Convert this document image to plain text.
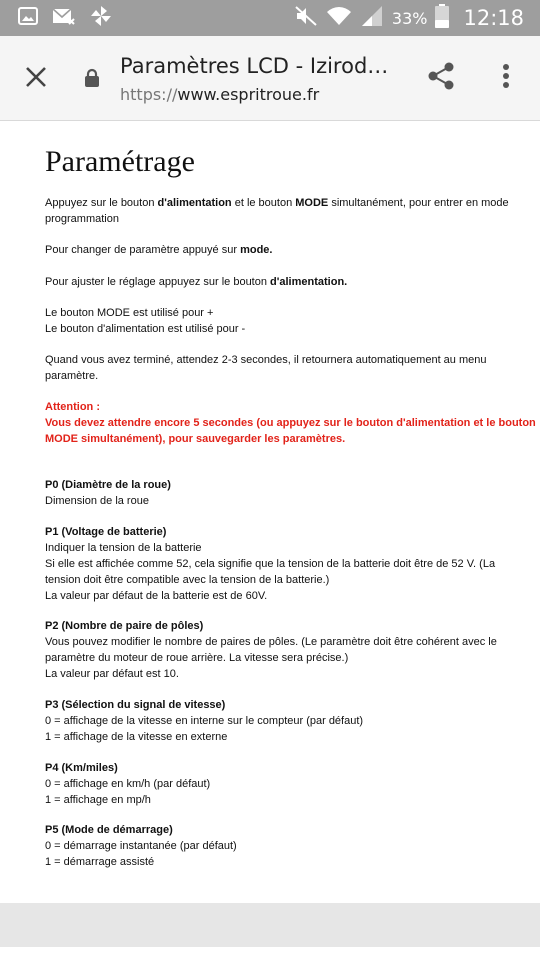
33% 12:18
Paramètres LCD - Izirod…
https://www.espritroue.fr
Paramétrage
Appuyez sur le bouton d'alimentation et le bouton MODE simultanément, pour entrer en mode
programmation
Pour changer de paramètre appuyé sur mode.
Pour ajuster le réglage appuyez sur le bouton d'alimentation.
Le bouton MODE est utilisé pour +
Le bouton d'alimentation est utilisé pour -
Quand vous avez terminé, attendez 2-3 secondes, il retournera automatiquement au menu
paramètre.
Attention :
Vous devez attendre encore 5 secondes (ou appuyez sur le bouton d'alimentation et le bouton
MODE simultanément), pour sauvegarder les paramètres.
P0 (Diamètre de la roue)
Dimension de la roue
P1 (Voltage de batterie)
Indiquer la tension de la batterie
Si elle est affichée comme 52, cela signifie que la tension de la batterie doit être de 52 V. (La
tension doit être compatible avec la tension de la batterie.)
La valeur par défaut de la batterie est de 60V.
P2 (Nombre de paire de pôles)
Vous pouvez modifier le nombre de paires de pôles. (Le paramètre doit être cohérent avec le
paramètre du moteur de roue arrière. La vitesse sera précise.)
La valeur par défaut est 10.
P3 (Sélection du signal de vitesse)
0 = affichage de la vitesse en interne sur le compteur (par défaut)
1 = affichage de la vitesse en externe
P4 (Km/miles)
0 = affichage en km/h (par défaut)
1 = affichage en mp/h
P5 (Mode de démarrage)
0 = démarrage instantanée (par défaut)
1 = démarrage assisté
